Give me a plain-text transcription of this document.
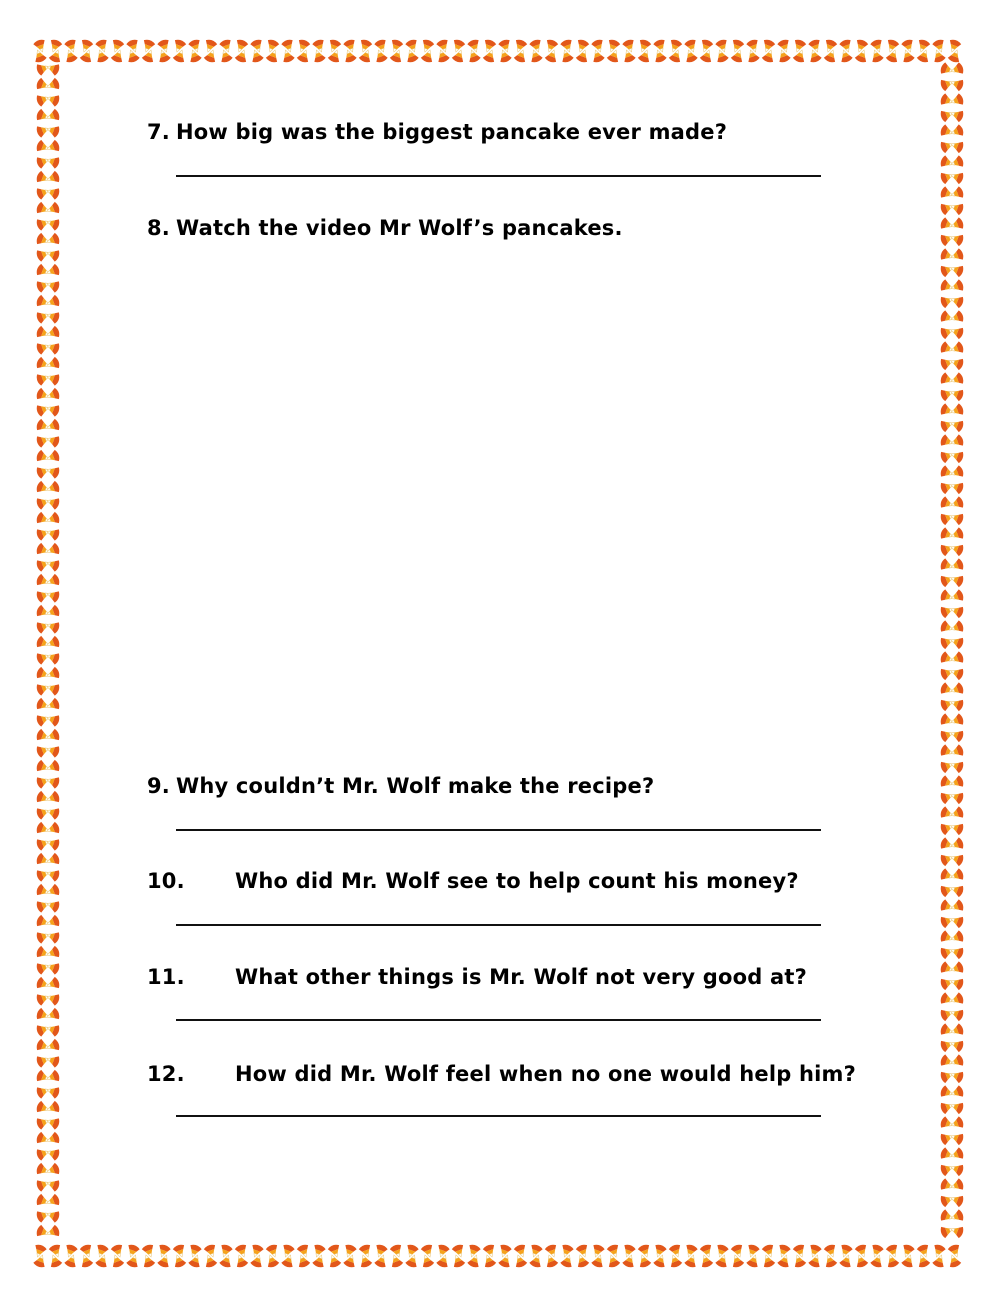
7. How big was the biggest pancake ever made?
8. Watch the video Mr Wolf’s pancakes.
9. Why couldn’t Mr. Wolf make the recipe?
10. Who did Mr. Wolf see to help count his money?
11. What other things is Mr. Wolf not very good at?
12. How did Mr. Wolf feel when no one would help him?
